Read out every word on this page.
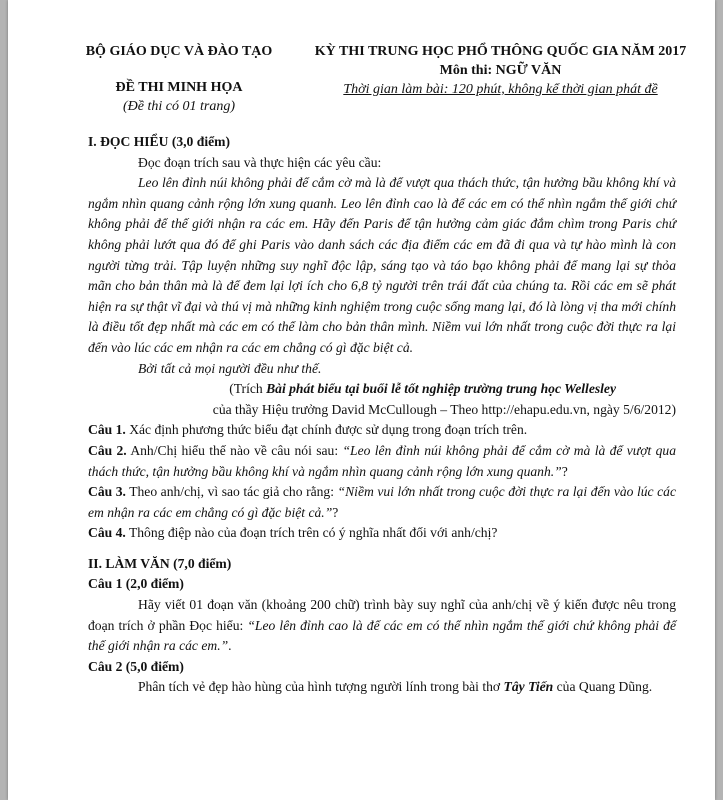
BỘ GIÁO DỤC VÀ ĐÀO TẠO
ĐỀ THI MINH HỌA
(Đề thi có 01 trang)
KỲ THI TRUNG HỌC PHỔ THÔNG QUỐC GIA NĂM 2017
Môn thi: NGỮ VĂN
Thời gian làm bài: 120 phút, không kể thời gian phát đề

I. ĐỌC HIỂU (3,0 điểm)

Đọc đoạn trích sau và thực hiện các yêu cầu:

Leo lên đỉnh núi không phải để cắm cờ mà là để vượt qua thách thức, tận hưởng bầu không khí và ngắm nhìn quang cảnh rộng lớn xung quanh. Leo lên đỉnh cao là để các em có thể nhìn ngắm thế giới chứ không phải để thế giới nhận ra các em. Hãy đến Paris để tận hưởng cảm giác đắm chìm trong Paris chứ không phải lướt qua đó để ghi Paris vào danh sách các địa điểm các em đã đi qua và tự hào mình là con người từng trải. Tập luyện những suy nghĩ độc lập, sáng tạo và táo bạo không phải để mang lại sự thỏa mãn cho bản thân mà là để đem lại lợi ích cho 6,8 tỷ người trên trái đất của chúng ta. Rồi các em sẽ phát hiện ra sự thật vĩ đại và thú vị mà những kinh nghiệm trong cuộc sống mang lại, đó là lòng vị tha mới chính là điều tốt đẹp nhất mà các em có thể làm cho bản thân mình. Niềm vui lớn nhất trong cuộc đời thực ra lại đến vào lúc các em nhận ra các em chẳng có gì đặc biệt cả.

Bởi tất cả mọi người đều như thế.

(Trích Bài phát biểu tại buổi lễ tốt nghiệp trường trung học Wellesley

của thầy Hiệu trưởng David McCullough – Theo http://ehapu.edu.vn, ngày 5/6/2012)

Câu 1. Xác định phương thức biểu đạt chính được sử dụng trong đoạn trích trên.

Câu 2. Anh/Chị hiểu thế nào về câu nói sau: “Leo lên đỉnh núi không phải để cắm cờ mà là để vượt qua thách thức, tận hưởng bầu không khí và ngắm nhìn quang cảnh rộng lớn xung quanh.”?

Câu 3. Theo anh/chị, vì sao tác giả cho rằng: “Niềm vui lớn nhất trong cuộc đời thực ra lại đến vào lúc các em nhận ra các em chẳng có gì đặc biệt cả.”?

Câu 4. Thông điệp nào của đoạn trích trên có ý nghĩa nhất đối với anh/chị?

II. LÀM VĂN (7,0 điểm)

Câu 1 (2,0 điểm)

Hãy viết 01 đoạn văn (khoảng 200 chữ) trình bày suy nghĩ của anh/chị về ý kiến được nêu trong đoạn trích ở phần Đọc hiểu: “Leo lên đỉnh cao là để các em có thể nhìn ngắm thế giới chứ không phải để thế giới nhận ra các em.”.

Câu 2 (5,0 điểm)

Phân tích vẻ đẹp hào hùng của hình tượng người lính trong bài thơ Tây Tiến của Quang Dũng.
